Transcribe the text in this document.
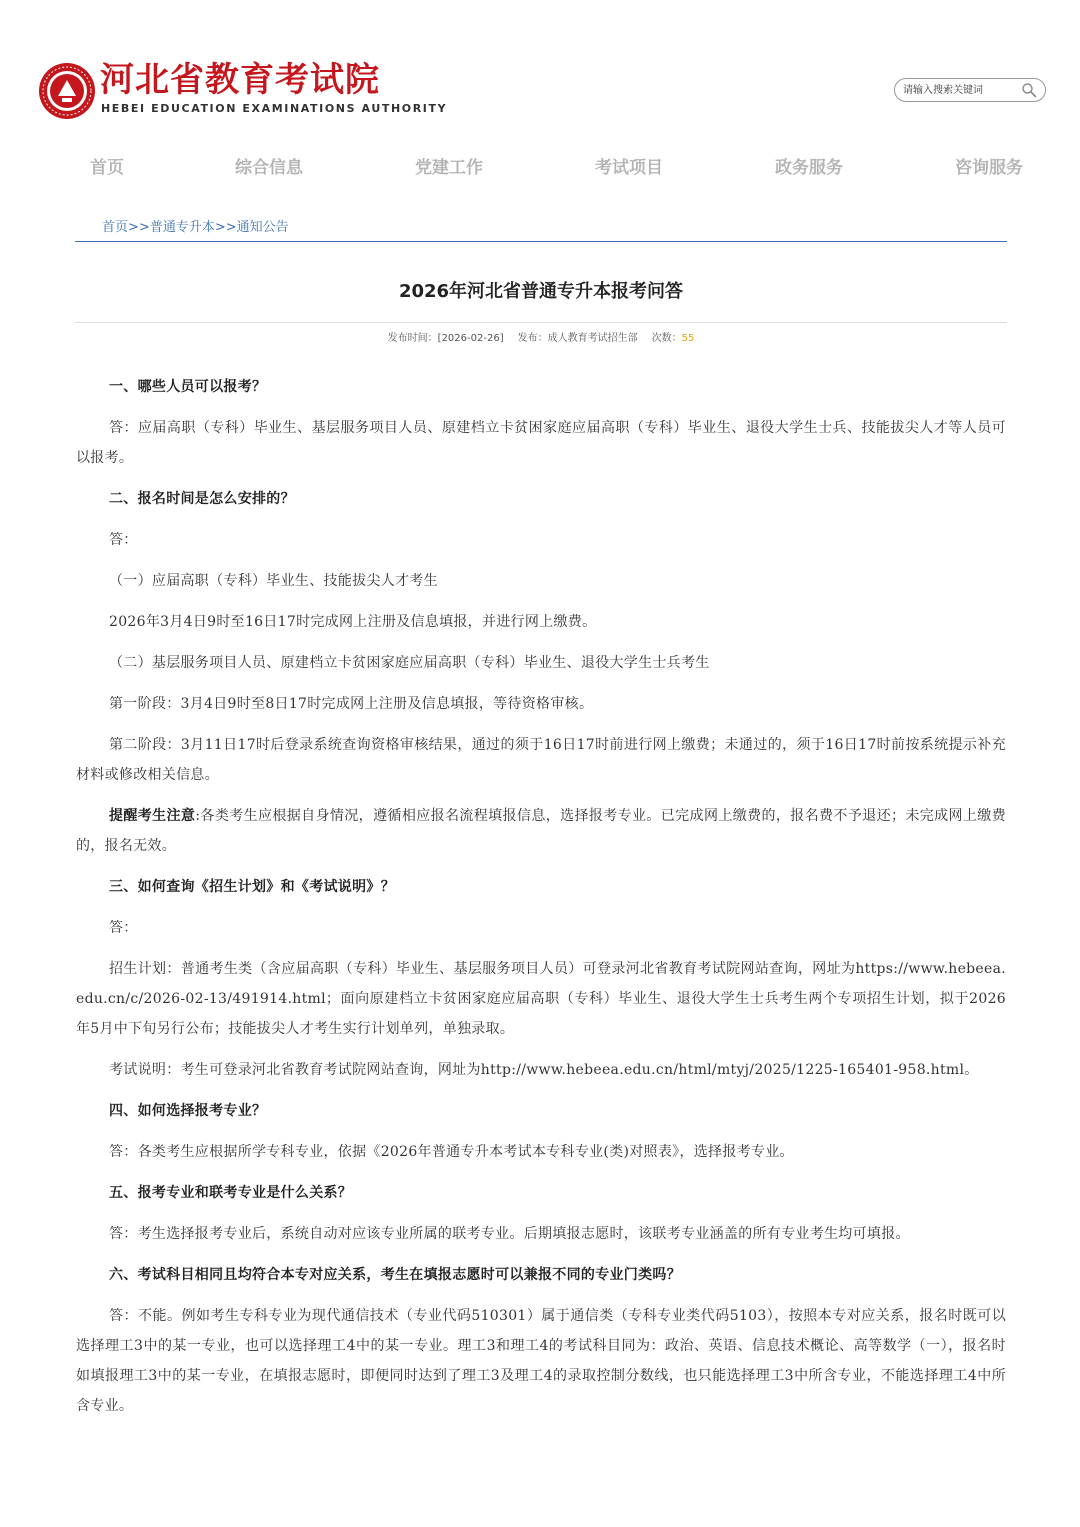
河北省教育考试院
HEBEI EDUCATION EXAMINATIONS AUTHORITY
请输入搜索关键词
首页	综合信息	党建工作	考试项目	政务服务	咨询服务
首页>>普通专升本>>通知公告
2026年河北省普通专升本报考问答
发布时间：[2026-02-26] 发布：成人教育考试招生部 次数：55

一、哪些人员可以报考？

答：应届高职（专科）毕业生、基层服务项目人员、原建档立卡贫困家庭应届高职（专科）毕业生、退役大学生士兵、技能拔尖人才等人员可以报考。

二、报名时间是怎么安排的？

答：

（一）应届高职（专科）毕业生、技能拔尖人才考生

2026年3月4日9时至16日17时完成网上注册及信息填报，并进行网上缴费。

（二）基层服务项目人员、原建档立卡贫困家庭应届高职（专科）毕业生、退役大学生士兵考生

第一阶段：3月4日9时至8日17时完成网上注册及信息填报，等待资格审核。

第二阶段：3月11日17时后登录系统查询资格审核结果，通过的须于16日17时前进行网上缴费；未通过的，须于16日17时前按系统提示补充材料或修改相关信息。

提醒考生注意:各类考生应根据自身情况，遵循相应报名流程填报信息，选择报考专业。已完成网上缴费的，报名费不予退还；未完成网上缴费的，报名无效。

三、如何查询《招生计划》和《考试说明》？

答：

招生计划：普通考生类（含应届高职（专科）毕业生、基层服务项目人员）可登录河北省教育考试院网站查询，网址为https://www.hebeea.edu.cn/c/2026-02-13/491914.html；面向原建档立卡贫困家庭应届高职（专科）毕业生、退役大学生士兵考生两个专项招生计划，拟于2026年5月中下旬另行公布；技能拔尖人才考生实行计划单列，单独录取。

考试说明：考生可登录河北省教育考试院网站查询，网址为http://www.hebeea.edu.cn/html/mtyj/2025/1225-165401-958.html。

四、如何选择报考专业？

答：各类考生应根据所学专科专业，依据《2026年普通专升本考试本专科专业(类)对照表》，选择报考专业。

五、报考专业和联考专业是什么关系？

答：考生选择报考专业后，系统自动对应该专业所属的联考专业。后期填报志愿时，该联考专业涵盖的所有专业考生均可填报。

六、考试科目相同且均符合本专对应关系，考生在填报志愿时可以兼报不同的专业门类吗？

答：不能。例如考生专科专业为现代通信技术（专业代码510301）属于通信类（专科专业类代码5103），按照本专对应关系，报名时既可以选择理工3中的某一专业，也可以选择理工4中的某一专业。理工3和理工4的考试科目同为：政治、英语、信息技术概论、高等数学（一），报名时如填报理工3中的某一专业，在填报志愿时，即便同时达到了理工3及理工4的录取控制分数线，也只能选择理工3中所含专业，不能选择理工4中所含专业。
